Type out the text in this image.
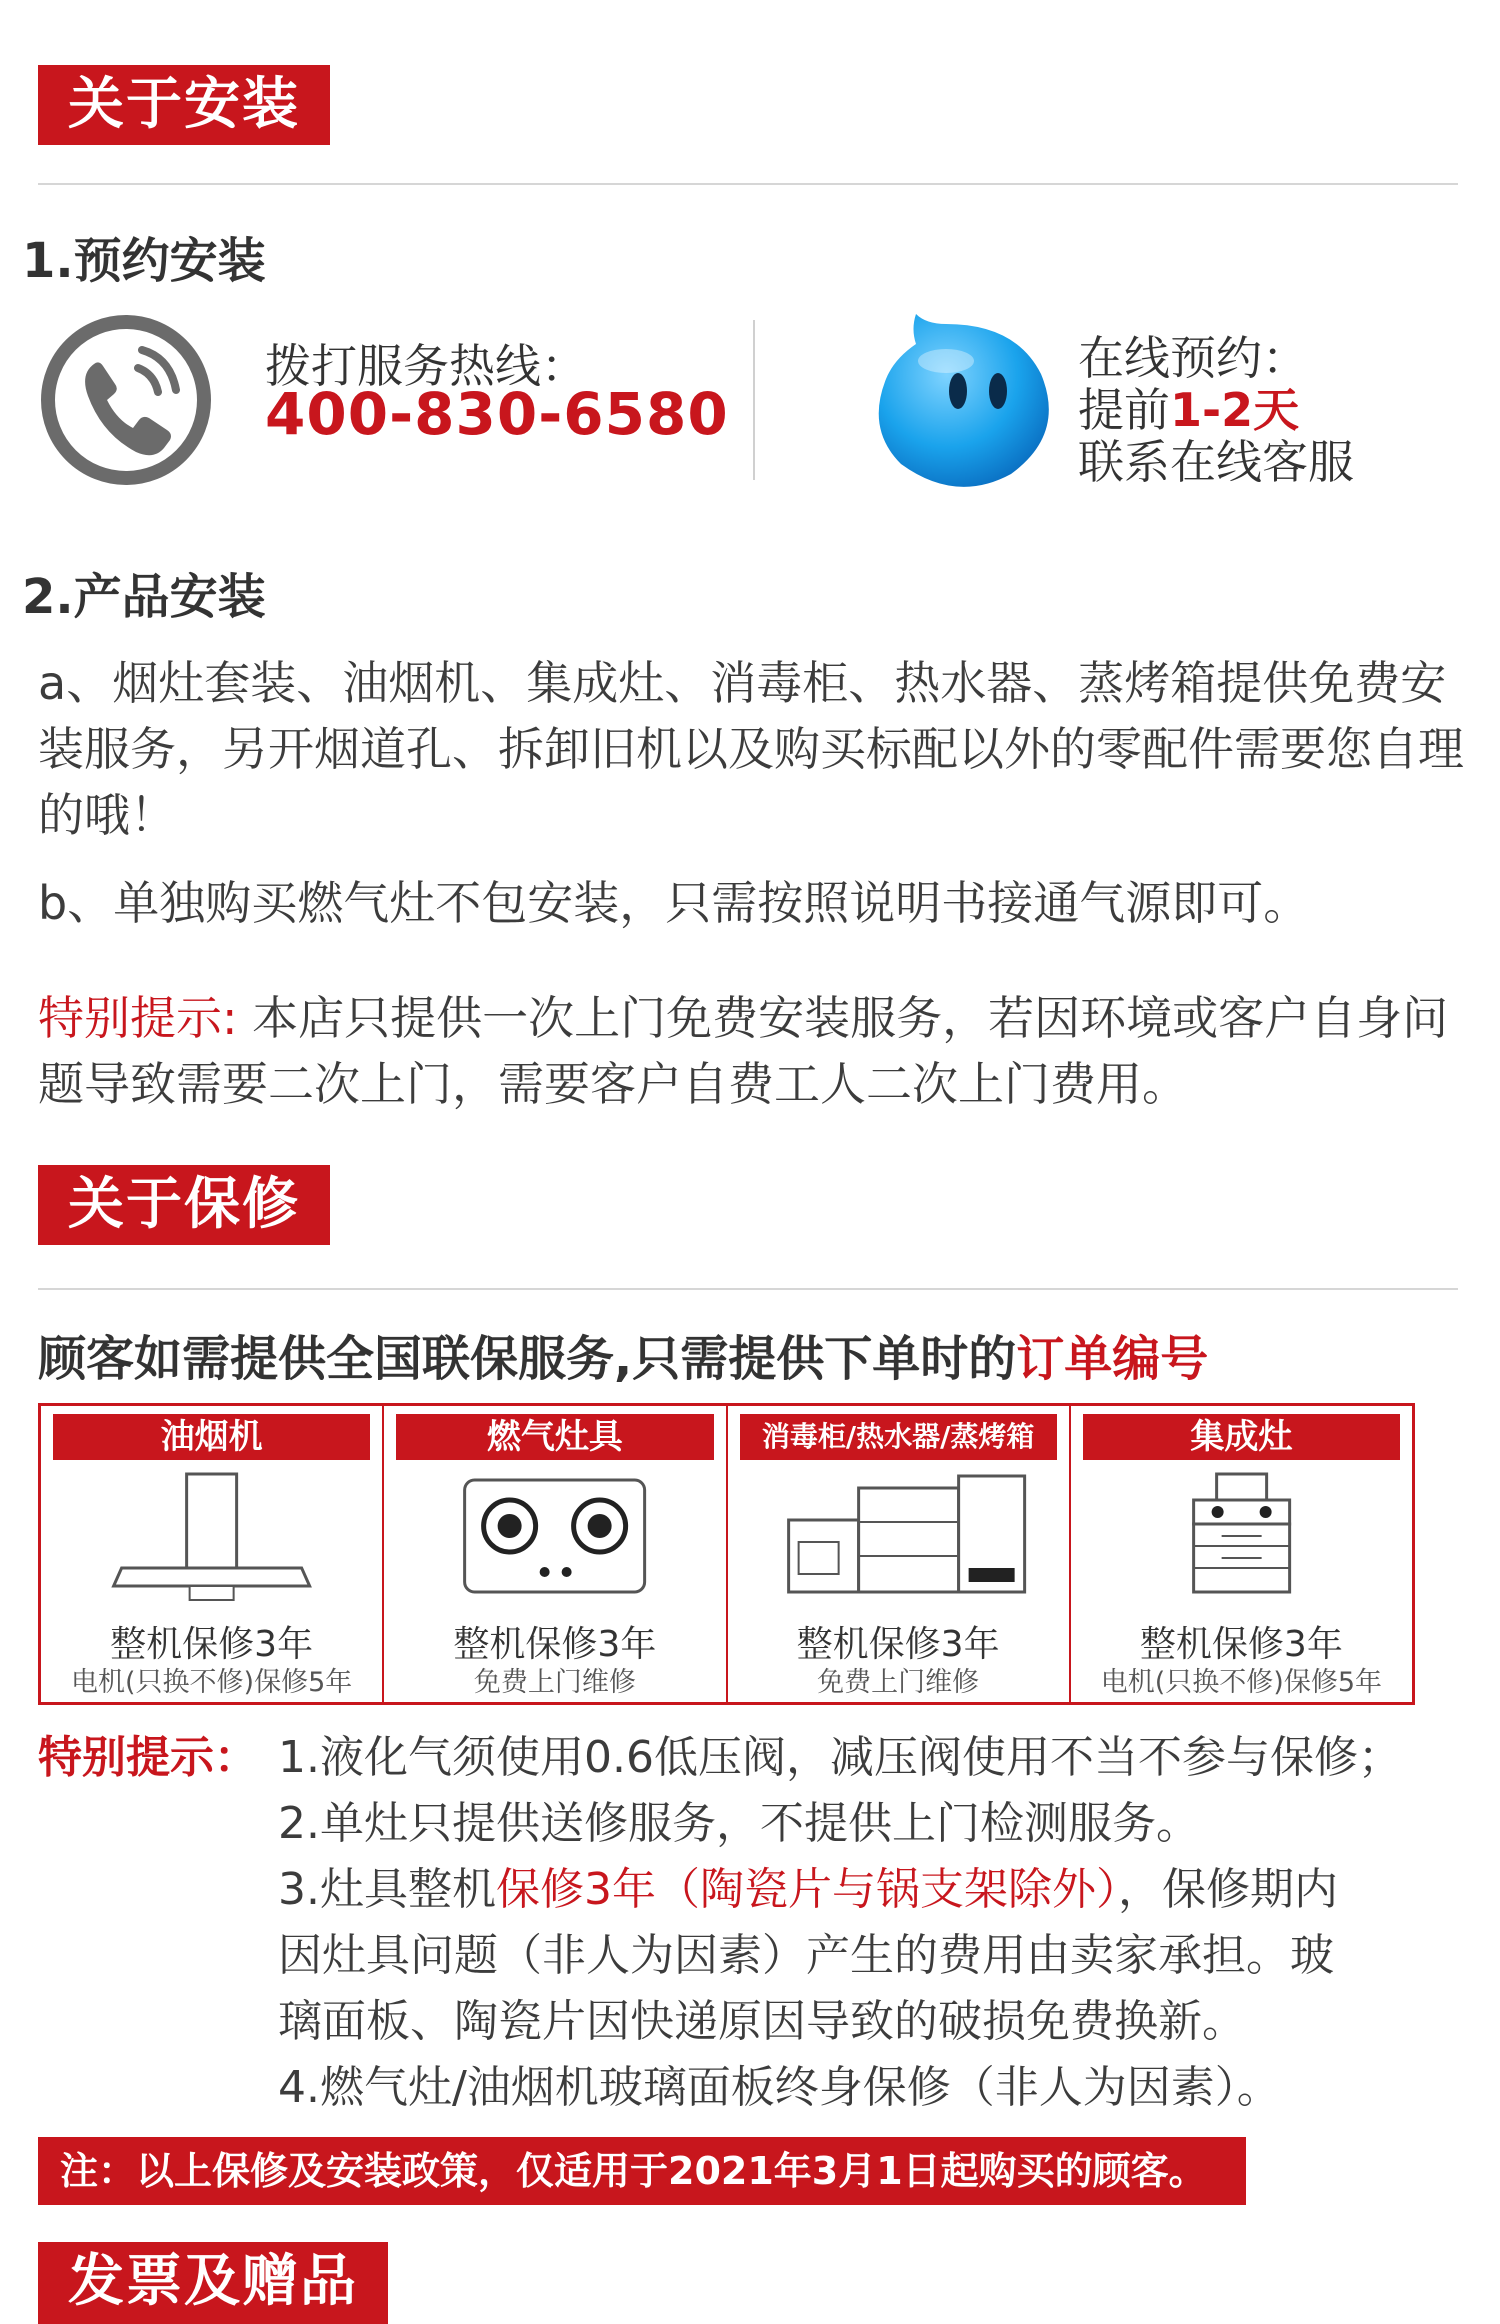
关于安装
1.预约安装
拨打服务热线：
400-830-6580
在线预约：
提前1-2天
联系在线客服
2.产品安装
a、烟灶套装、油烟机、集成灶、消毒柜、热水器、蒸烤箱提供免费安装服务，另开烟道孔、拆卸旧机以及购买标配以外的零配件需要您自理的哦！
b、单独购买燃气灶不包安装，只需按照说明书接通气源即可。
特别提示: 本店只提供一次上门免费安装服务，若因环境或客户自身问题导致需要二次上门，需要客户自费工人二次上门费用。
关于保修
顾客如需提供全国联保服务,只需提供下单时的订单编号
油烟机
整机保修3年
电机(只换不修)保修5年
燃气灶具
整机保修3年
免费上门维修
消毒柜/热水器/蒸烤箱
整机保修3年
免费上门维修
集成灶
整机保修3年
电机(只换不修)保修5年
特别提示： 1.液化气须使用0.6低压阀，减压阀使用不当不参与保修；
2.单灶只提供送修服务，不提供上门检测服务。
3.灶具整机保修3年（陶瓷片与锅支架除外），保修期内
因灶具问题（非人为因素）产生的费用由卖家承担。玻
璃面板、陶瓷片因快递原因导致的破损免费换新。
4.燃气灶/油烟机玻璃面板终身保修（非人为因素）。
注：以上保修及安装政策，仅适用于2021年3月1日起购买的顾客。
发票及赠品
